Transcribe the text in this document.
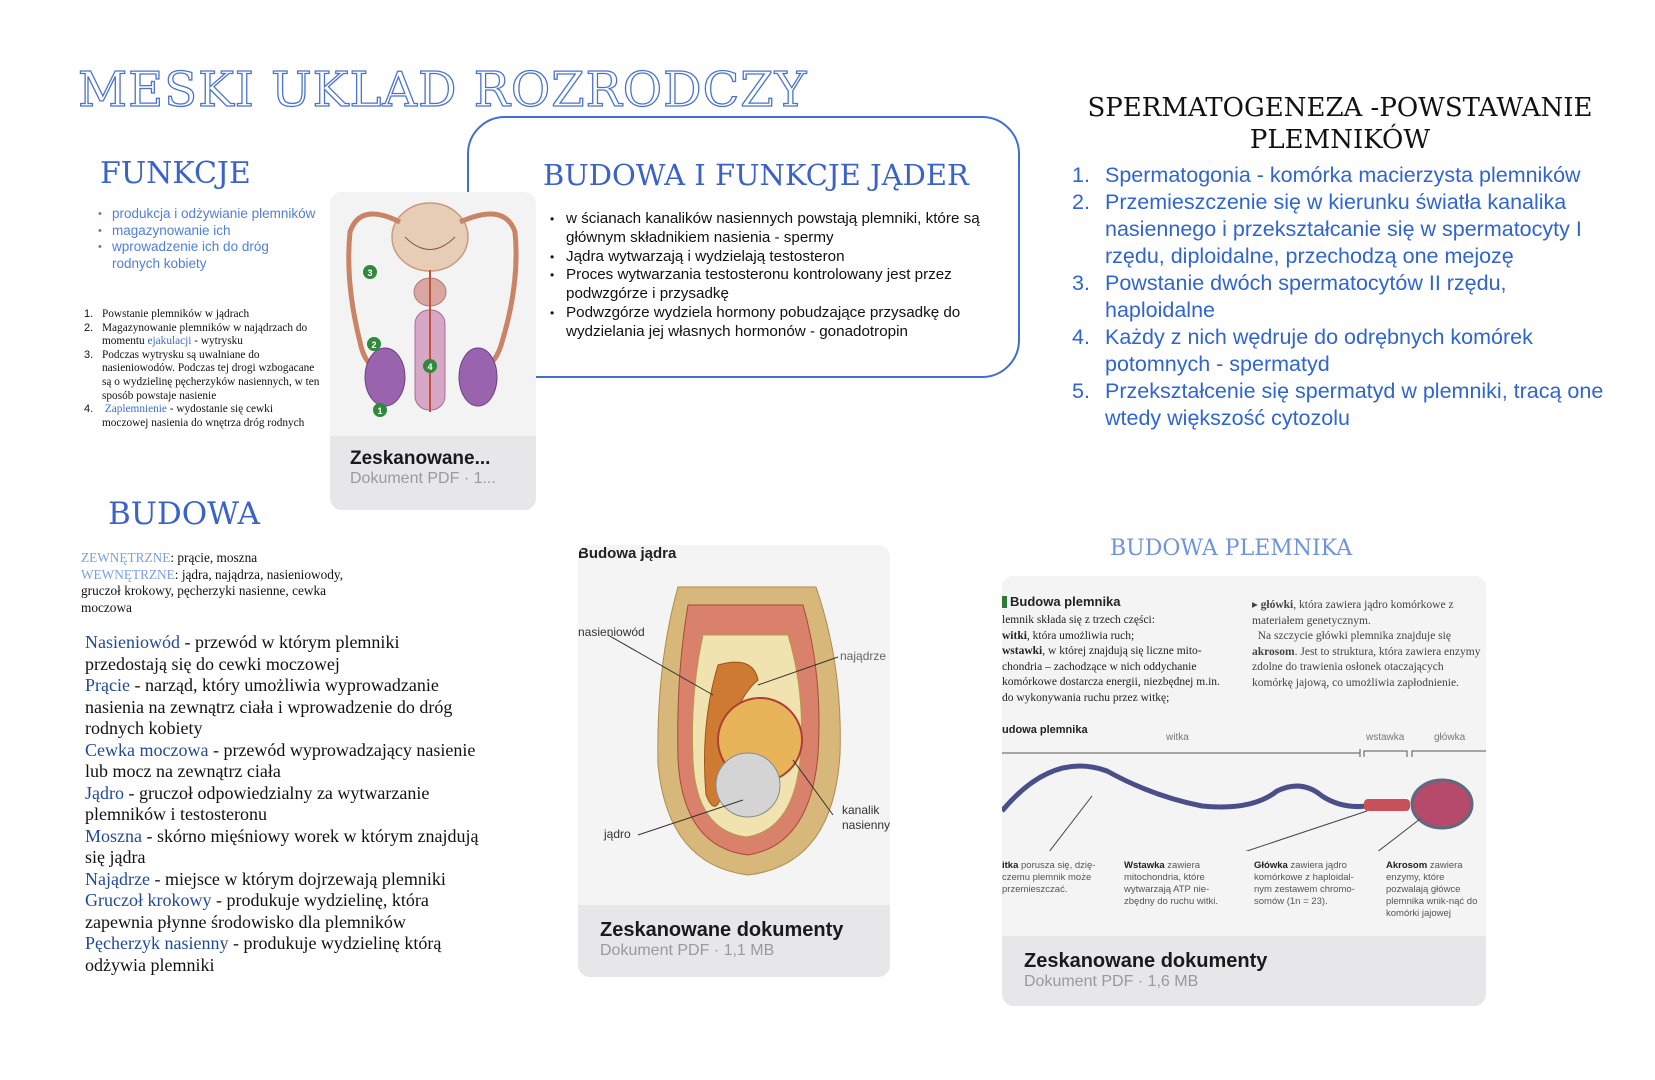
MESKI UKLAD ROZRODCZY
FUNKCJE
• produkcja i odżywianie plemników
• magazynowanie ich
• wprowadzenie ich do dróg rodnych kobiety
1. Powstanie plemników w jądrach
2. Magazynowanie plemników w najądrzach do momentu ejakulacji - wytrysku
3. Podczas wytrysku są uwalniane do nasieniowodów. Podczas tej drogi wzbogacane są o wydzielinę pęcherzyków nasiennych, w ten sposób powstaje nasienie
4. Zaplemnienie - wydostanie się cewki moczowej nasienia do wnętrza dróg rodnych
BUDOWA
ZEWNĘTRZNE: prącie, moszna
WEWNĘTRZNE: jądra, najądrza, nasieniowody, gruczoł krokowy, pęcherzyki nasienne, cewka moczowa
Nasieniowód - przewód w którym plemniki przedostają się do cewki moczowej
Prącie - narząd, który umożliwia wyprowadzanie nasienia na zewnątrz ciała i wprowadzenie do dróg rodnych kobiety
Cewka moczowa - przewód wyprowadzający nasienie lub mocz na zewnątrz ciała
Jądro - gruczoł odpowiedzialny za wytwarzanie plemników i testosteronu
Moszna - skórno mięśniowy worek w którym znajdują się jądra
Najądrze - miejsce w którym dojrzewają plemniki
Gruczoł krokowy - produkuje wydzielinę, która zapewnia płynne środowisko dla plemników
Pęcherzyk nasienny - produkuje wydzielinę którą odżywia plemniki
BUDOWA I FUNKCJE JĄDER
• w ścianach kanalików nasiennych powstają plemniki, które są głównym składnikiem nasienia - spermy
• Jądra wytwarzają i wydzielają testosteron
• Proces wytwarzania testosteronu kontrolowany jest przez podwzgórze i przysadkę
• Podwzgórze wydziela hormony pobudzające przysadkę do wydzielania jej własnych hormonów - gonadotropin
3
2
4
1
Zeskanowane...
Dokument PDF · 1...
Budowa jądra
nasieniowód
najądrze
jądro
kanalik nasienny
Zeskanowane dokumenty
Dokument PDF · 1,1 MB
SPERMATOGENEZA -POWSTAWANIE PLEMNIKÓW
1. Spermatogonia - komórka macierzysta plemników
2. Przemieszczenie się w kierunku światła kanalika nasiennego i przekształcanie się w spermatocyty I rzędu, diploidalne, przechodzą one mejozę
3. Powstanie dwóch spermatocytów II rzędu, haploidalne
4. Każdy z nich wędruje do odrębnych komórek potomnych - spermatyd
5. Przekształcenie się spermatyd w plemniki, tracą one wtedy większość cytozolu
BUDOWA PLEMNIKA
Budowa plemnika
lemnik składa się z trzech części:
witki, która umożliwia ruch;
wstawki, w której znajdują się liczne mito-chondria – zachodzące w nich oddychanie komórkowe dostarcza energii, niezbędnej m.in. do wykonywania ruchu przez witkę;
▸ główki, która zawiera jądro komórkowe z materiałem genetycznym.
Na szczycie główki plemnika znajduje się akrosom. Jest to struktura, która zawiera enzymy zdolne do trawienia osłonek otaczających komórkę jajową, co umożliwia zapłodnienie.
udowa plemnika
witka	wstawka	główka
itka porusza się, dzię-czemu plemnik może przemieszczać.
Wstawka zawiera mitochondria, które wytwarzają ATP nie-zbędny do ruchu witki.
Główka zawiera jądro komórkowe z haploidal-nym zestawem chromo-somów (1n = 23).
Akrosom zawiera enzymy, które pozwalają główce plemnika wnik-nąć do komórki jajowej
Zeskanowane dokumenty
Dokument PDF · 1,6 MB
